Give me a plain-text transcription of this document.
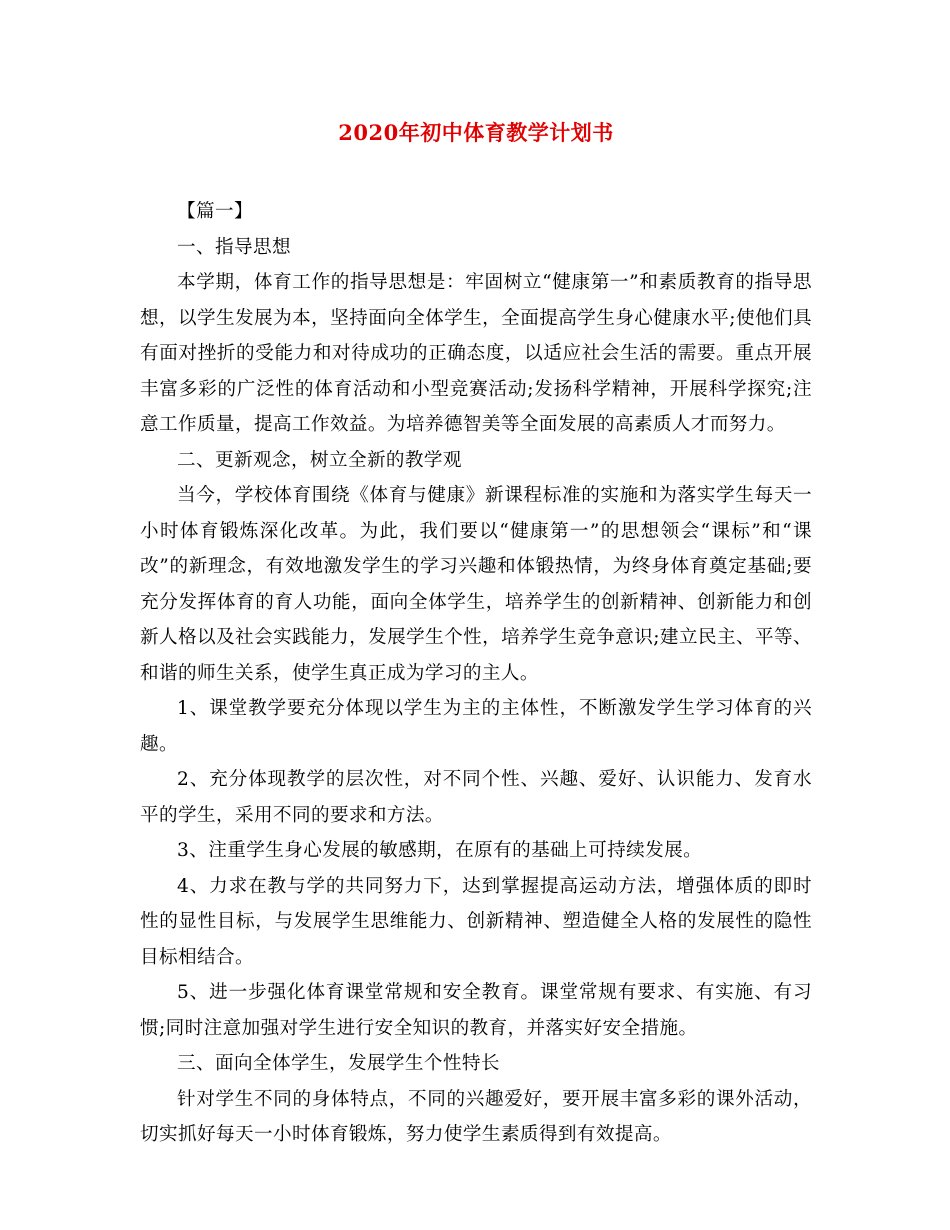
2020年初中体育教学计划书

【篇一】

一、指导思想

本学期，体育工作的指导思想是：牢固树立“健康第一”和素质教育的指导思想，以学生发展为本，坚持面向全体学生，全面提高学生身心健康水平;使他们具有面对挫折的受能力和对待成功的正确态度，以适应社会生活的需要。重点开展丰富多彩的广泛性的体育活动和小型竞赛活动;发扬科学精神，开展科学探究;注意工作质量，提高工作效益。为培养德智美等全面发展的高素质人才而努力。

二、更新观念，树立全新的教学观

当今，学校体育围绕《体育与健康》新课程标准的实施和为落实学生每天一小时体育锻炼深化改革。为此，我们要以“健康第一”的思想领会“课标”和“课改”的新理念，有效地激发学生的学习兴趣和体锻热情，为终身体育奠定基础;要充分发挥体育的育人功能，面向全体学生，培养学生的创新精神、创新能力和创新人格以及社会实践能力，发展学生个性，培养学生竞争意识;建立民主、平等、和谐的师生关系，使学生真正成为学习的主人。

1、课堂教学要充分体现以学生为主的主体性，不断激发学生学习体育的兴趣。

2、充分体现教学的层次性，对不同个性、兴趣、爱好、认识能力、发育水平的学生，采用不同的要求和方法。

3、注重学生身心发展的敏感期，在原有的基础上可持续发展。

4、力求在教与学的共同努力下，达到掌握提高运动方法，增强体质的即时性的显性目标，与发展学生思维能力、创新精神、塑造健全人格的发展性的隐性目标相结合。

5、进一步强化体育课堂常规和安全教育。课堂常规有要求、有实施、有习惯;同时注意加强对学生进行安全知识的教育，并落实好安全措施。

三、面向全体学生，发展学生个性特长

针对学生不同的身体特点，不同的兴趣爱好，要开展丰富多彩的课外活动，切实抓好每天一小时体育锻炼，努力使学生素质得到有效提高。
